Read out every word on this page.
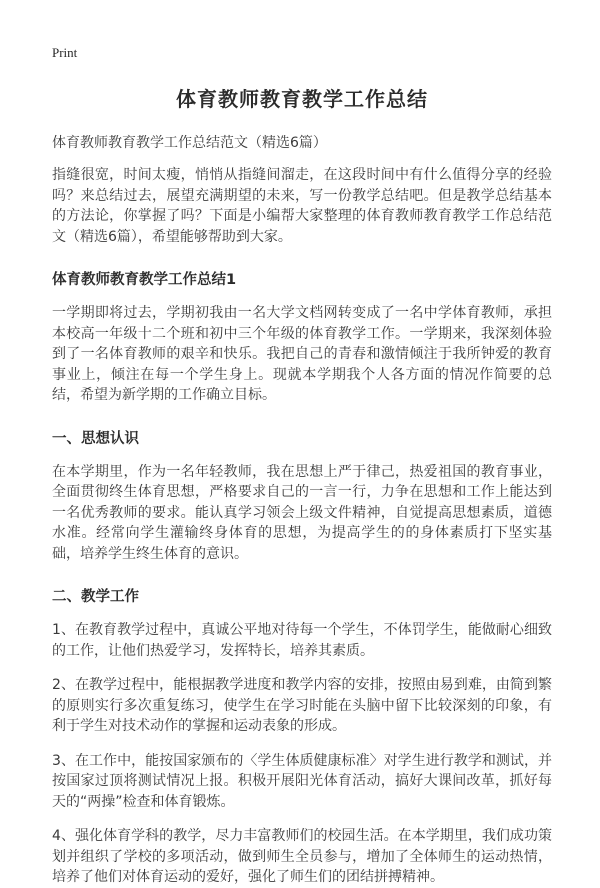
Print
体育教师教育教学工作总结

体育教师教育教学工作总结范文（精选6篇）

指缝很宽，时间太瘦，悄悄从指缝间溜走，在这段时间中有什么值得分享的经验吗？来总结过去，展望充满期望的未来，写一份教学总结吧。但是教学总结基本的方法论，你掌握了吗？下面是小编帮大家整理的体育教师教育教学工作总结范文（精选6篇），希望能够帮助到大家。

体育教师教育教学工作总结1

一学期即将过去，学期初我由一名大学文档网转变成了一名中学体育教师，承担本校高一年级十二个班和初中三个年级的体育教学工作。一学期来，我深刻体验到了一名体育教师的艰辛和快乐。我把自己的青春和激情倾注于我所钟爱的教育事业上，倾注在每一个学生身上。现就本学期我个人各方面的情况作简要的总结，希望为新学期的工作确立目标。

一、思想认识

在本学期里，作为一名年轻教师，我在思想上严于律己，热爱祖国的教育事业，全面贯彻终生体育思想，严格要求自己的一言一行，力争在思想和工作上能达到一名优秀教师的要求。能认真学习领会上级文件精神，自觉提高思想素质，道德水准。经常向学生灌输终身体育的思想，为提高学生的的身体素质打下坚实基础，培养学生终生体育的意识。

二、教学工作

1、在教育教学过程中，真诚公平地对待每一个学生，不体罚学生，能做耐心细致的工作，让他们热爱学习，发挥特长，培养其素质。

2、在教学过程中，能根据教学进度和教学内容的安排，按照由易到难，由简到繁的原则实行多次重复练习，使学生在学习时能在头脑中留下比较深刻的印象，有利于学生对技术动作的掌握和运动表象的形成。

3、在工作中，能按国家颁布的〈学生体质健康标准〉对学生进行教学和测试，并按国家过顶将测试情况上报。积极开展阳光体育活动，搞好大课间改革，抓好每天的“两操”检查和体育锻炼。

4、强化体育学科的教学，尽力丰富教师们的校园生活。在本学期里，我们成功策划并组织了学校的多项活动，做到师生全员参与，增加了全体师生的运动热情，培养了他们对体育运动的爱好，强化了师生们的团结拼搏精神。
